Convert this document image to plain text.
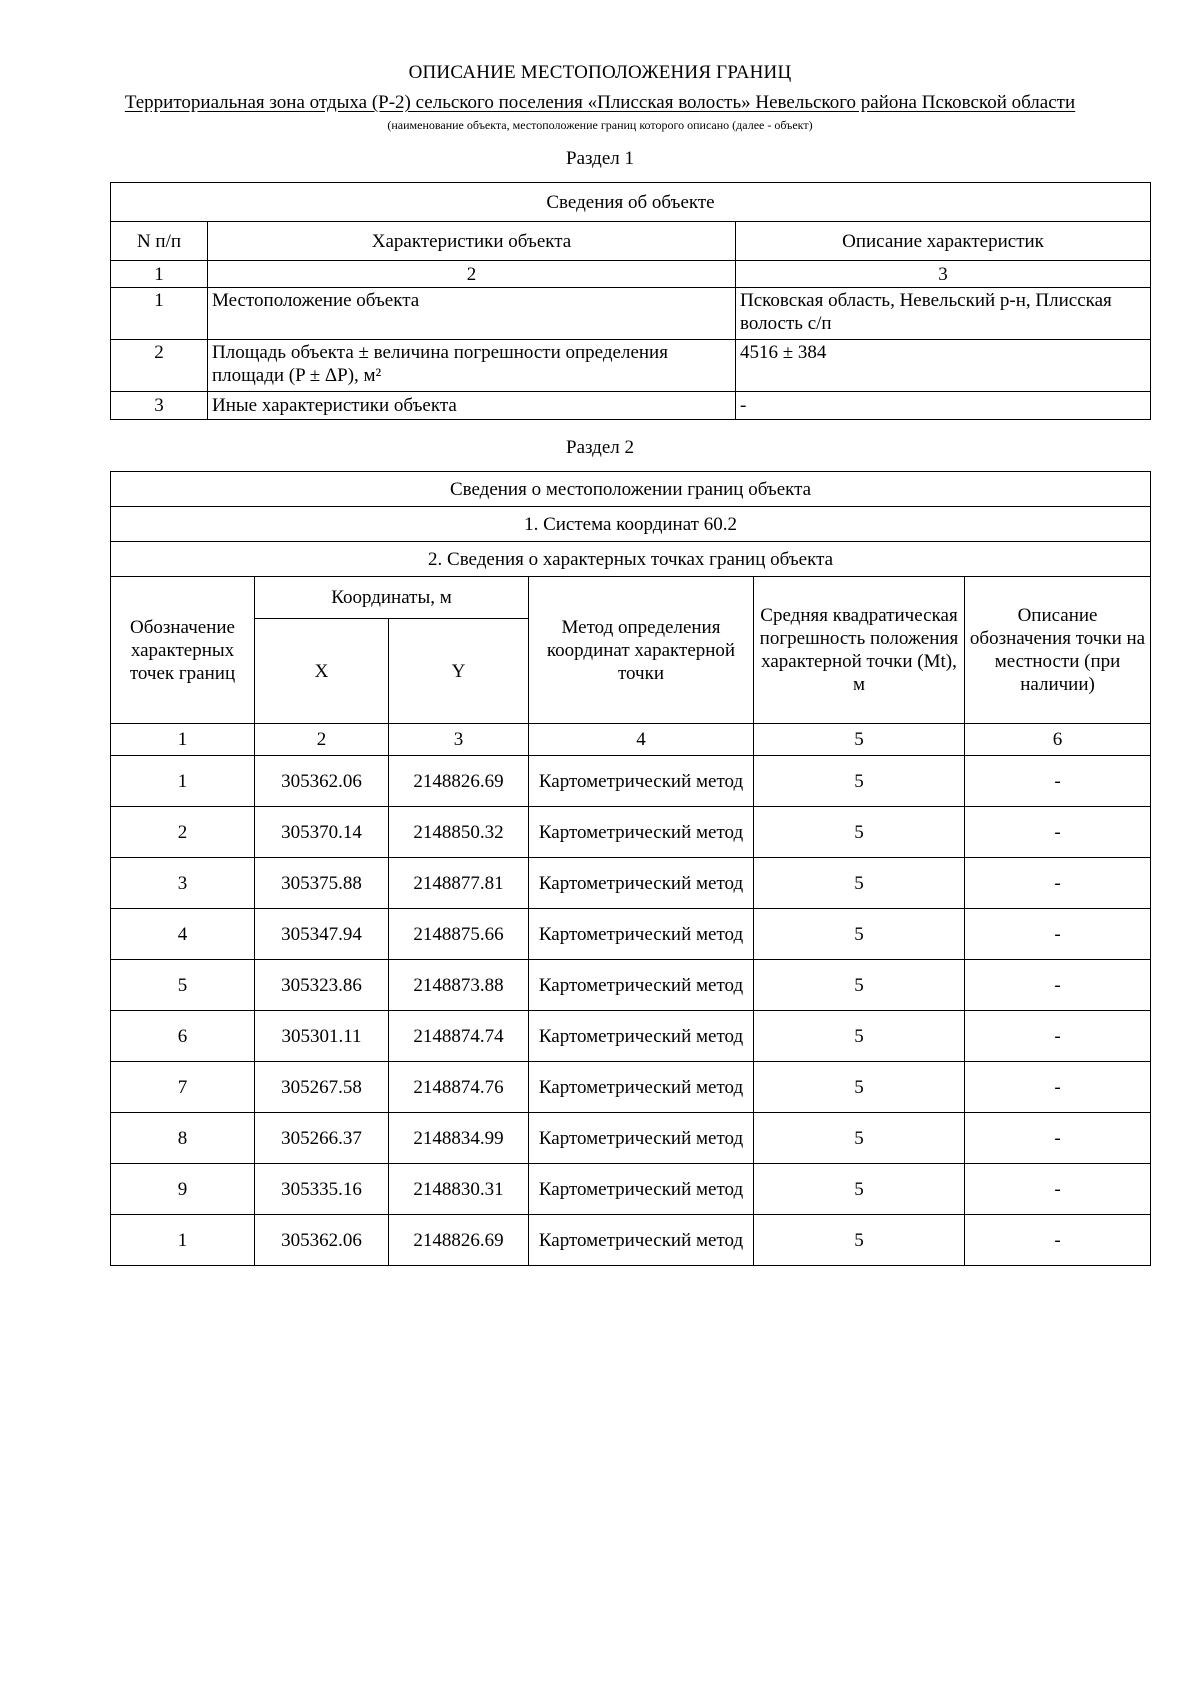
ОПИСАНИЕ МЕСТОПОЛОЖЕНИЯ ГРАНИЦ
Территориальная зона отдыха (Р-2) сельского поселения «Плисская волость» Невельского района Псковской области
(наименование объекта, местоположение границ которого описано (далее - объект)
Раздел 1
Сведения об объекте		
N п/п	Характеристики объекта	Описание характеристик
1	2	3
1	Местоположение объекта	Псковская область, Невельский р-н, Плисская волость с/п
2	Площадь объекта ± величина погрешности определения площади (P ± ΔP), м²	4516 ± 384
3	Иные характеристики объекта	-
Раздел 2
Сведения о местоположении границ объекта					
1. Система координат 60.2					
2. Сведения о характерных точках границ объекта					
Обозначение характерных точек границ	Координаты, м		Метод определения координат характерной точки	Средняя квадратическая погрешность положения характерной точки (Mt), м	Описание обозначения точки на местности (при наличии)
	X	Y			
1	2	3	4	5	6
1	305362.06	2148826.69	Картометрический метод	5	-
2	305370.14	2148850.32	Картометрический метод	5	-
3	305375.88	2148877.81	Картометрический метод	5	-
4	305347.94	2148875.66	Картометрический метод	5	-
5	305323.86	2148873.88	Картометрический метод	5	-
6	305301.11	2148874.74	Картометрический метод	5	-
7	305267.58	2148874.76	Картометрический метод	5	-
8	305266.37	2148834.99	Картометрический метод	5	-
9	305335.16	2148830.31	Картометрический метод	5	-
1	305362.06	2148826.69	Картометрический метод	5	-
